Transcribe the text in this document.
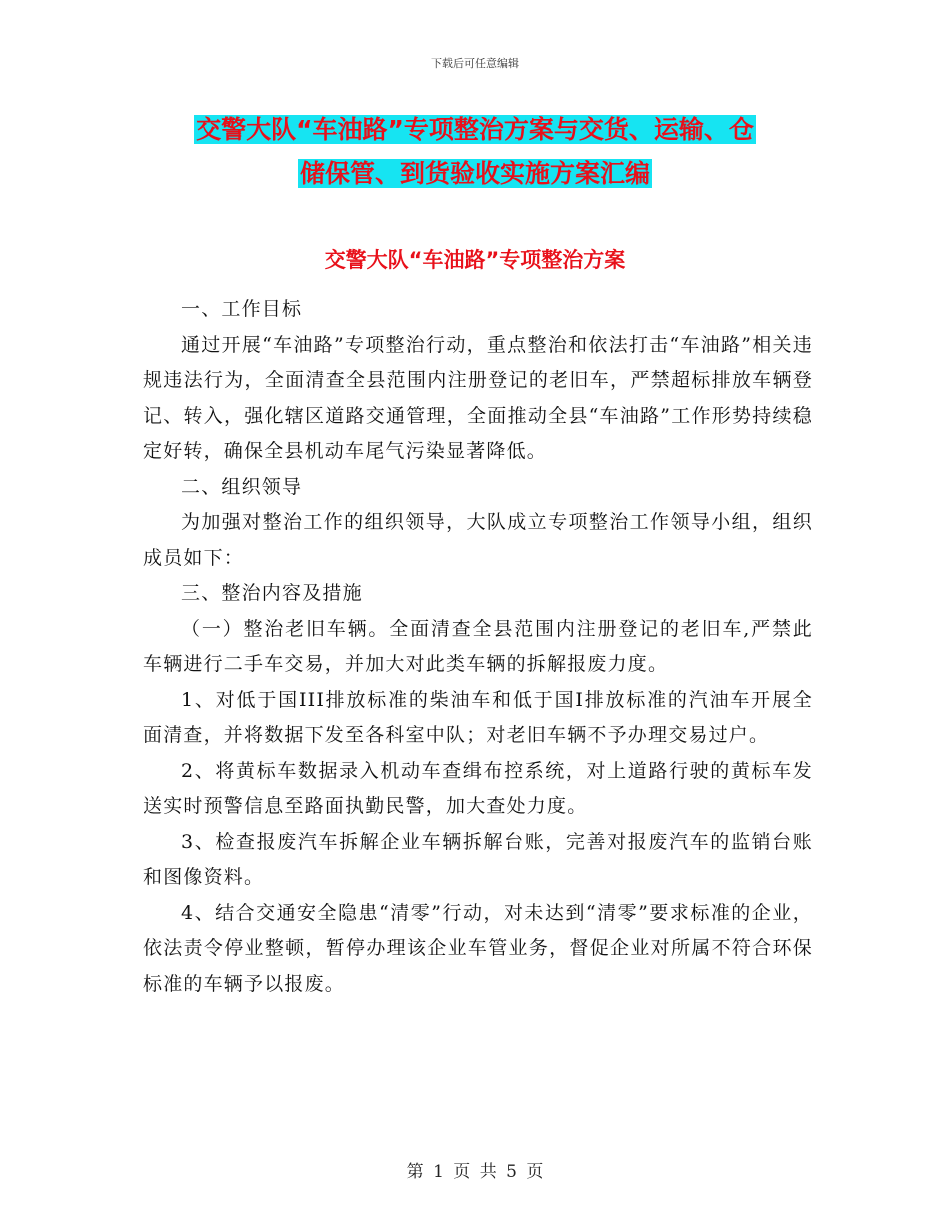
下载后可任意编辑
交警大队“车油路”专项整治方案与交货、运输、仓
储保管、到货验收实施方案汇编
交警大队“车油路”专项整治方案

一、工作目标

通过开展“车油路”专项整治行动，重点整治和依法打击“车油路”相关违规违法行为，全面清查全县范围内注册登记的老旧车，严禁超标排放车辆登记、转入，强化辖区道路交通管理，全面推动全县“车油路”工作形势持续稳定好转，确保全县机动车尾气污染显著降低。

二、组织领导

为加强对整治工作的组织领导，大队成立专项整治工作领导小组，组织成员如下：

三、整治内容及措施

（一）整治老旧车辆。全面清查全县范围内注册登记的老旧车,严禁此车辆进行二手车交易，并加大对此类车辆的拆解报废力度。

1、对低于国III排放标准的柴油车和低于国I排放标准的汽油车开展全面清查，并将数据下发至各科室中队；对老旧车辆不予办理交易过户。

2、将黄标车数据录入机动车查缉布控系统，对上道路行驶的黄标车发送实时预警信息至路面执勤民警，加大查处力度。

3、检查报废汽车拆解企业车辆拆解台账，完善对报废汽车的监销台账和图像资料。

4、结合交通安全隐患“清零”行动，对未达到“清零”要求标准的企业，依法责令停业整顿，暂停办理该企业车管业务，督促企业对所属不符合环保标准的车辆予以报废。

第 1 页 共 5 页
